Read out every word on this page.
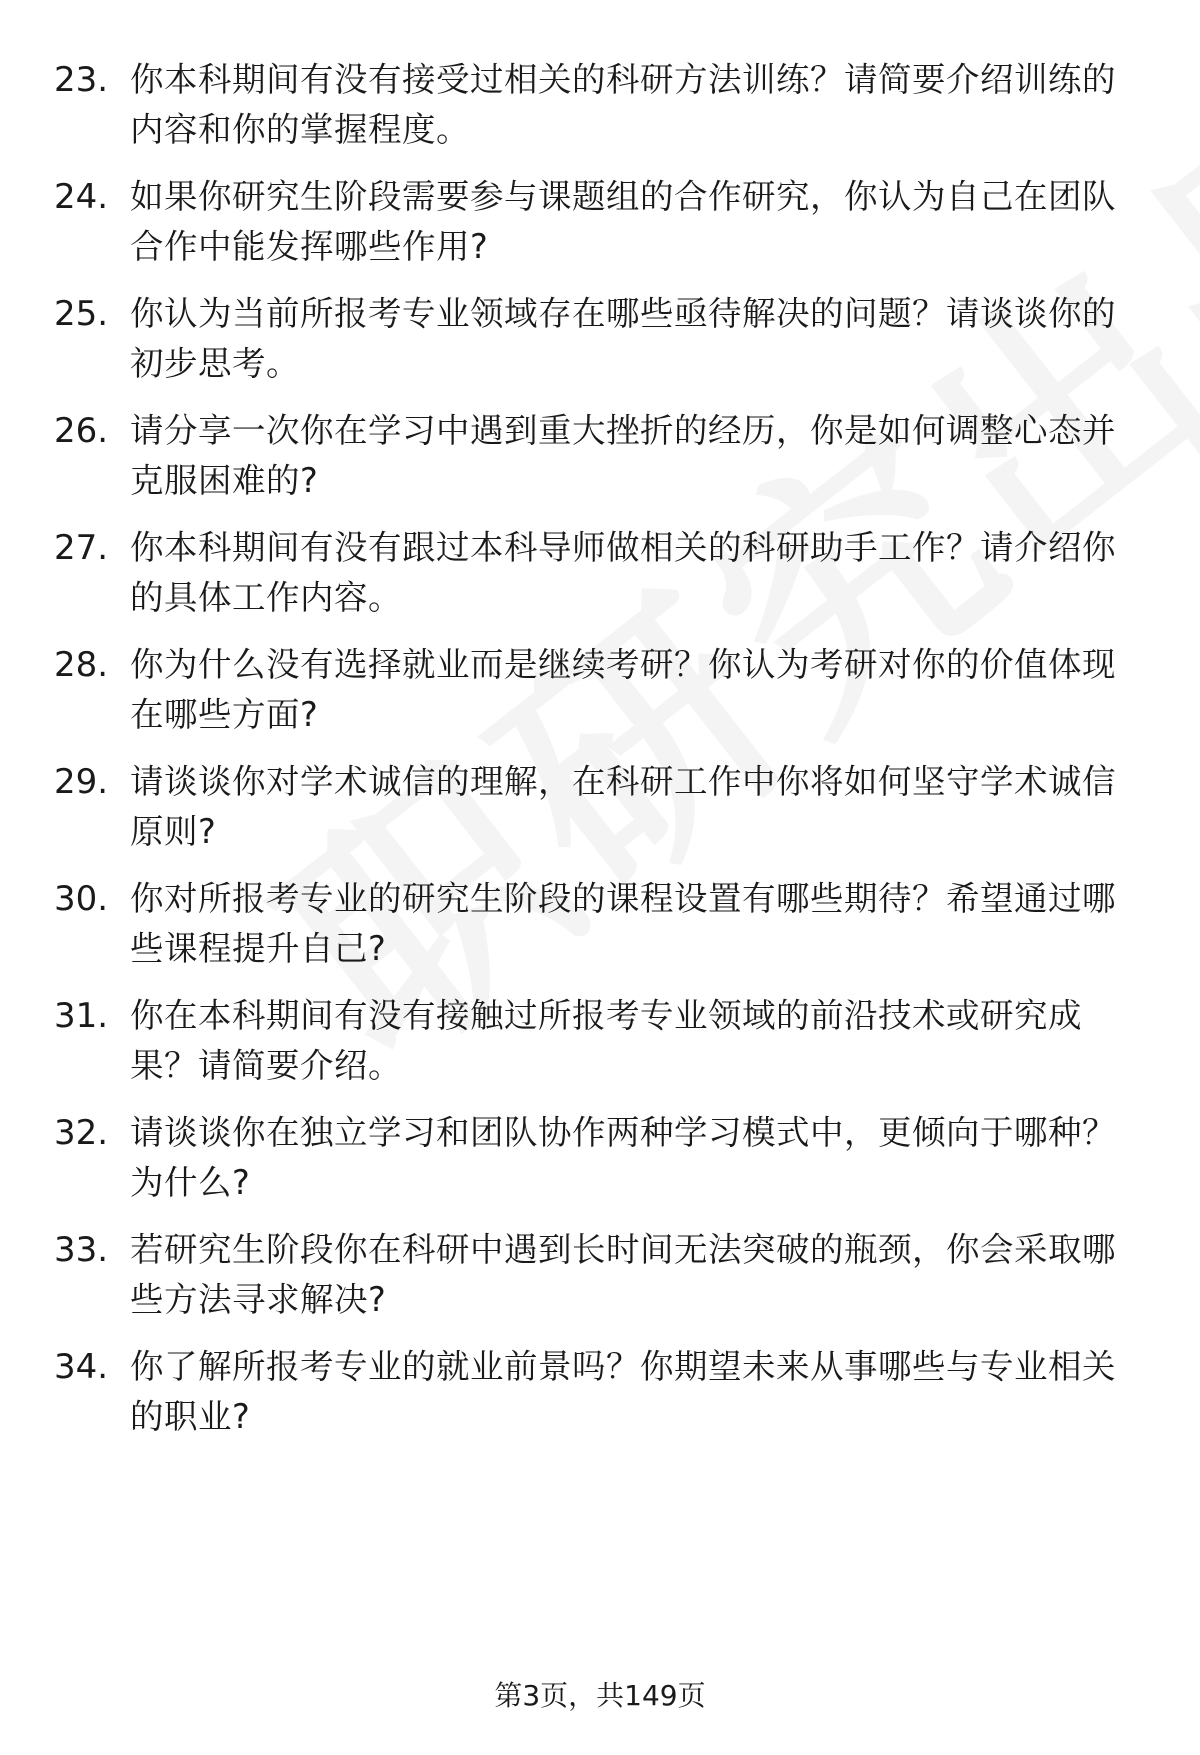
23. 你本科期间有没有接受过相关的科研方法训练？请简要介绍训练的内容和你的掌握程度。
24. 如果你研究生阶段需要参与课题组的合作研究，你认为自己在团队合作中能发挥哪些作用?
25. 你认为当前所报考专业领域存在哪些亟待解决的问题？请谈谈你的初步思考。
26. 请分享一次你在学习中遇到重大挫折的经历，你是如何调整心态并克服困难的?
27. 你本科期间有没有跟过本科导师做相关的科研助手工作？请介绍你的具体工作内容。
28. 你为什么没有选择就业而是继续考研？你认为考研对你的价值体现在哪些方面?
29. 请谈谈你对学术诚信的理解，在科研工作中你将如何坚守学术诚信原则?
30. 你对所报考专业的研究生阶段的课程设置有哪些期待？希望通过哪些课程提升自己?
31. 你在本科期间有没有接触过所报考专业领域的前沿技术或研究成果？请简要介绍。
32. 请谈谈你在独立学习和团队协作两种学习模式中，更倾向于哪种？为什么?
33. 若研究生阶段你在科研中遇到长时间无法突破的瓶颈，你会采取哪些方法寻求解决?
34. 你了解所报考专业的就业前景吗？你期望未来从事哪些与专业相关的职业?
第3页，共149页
